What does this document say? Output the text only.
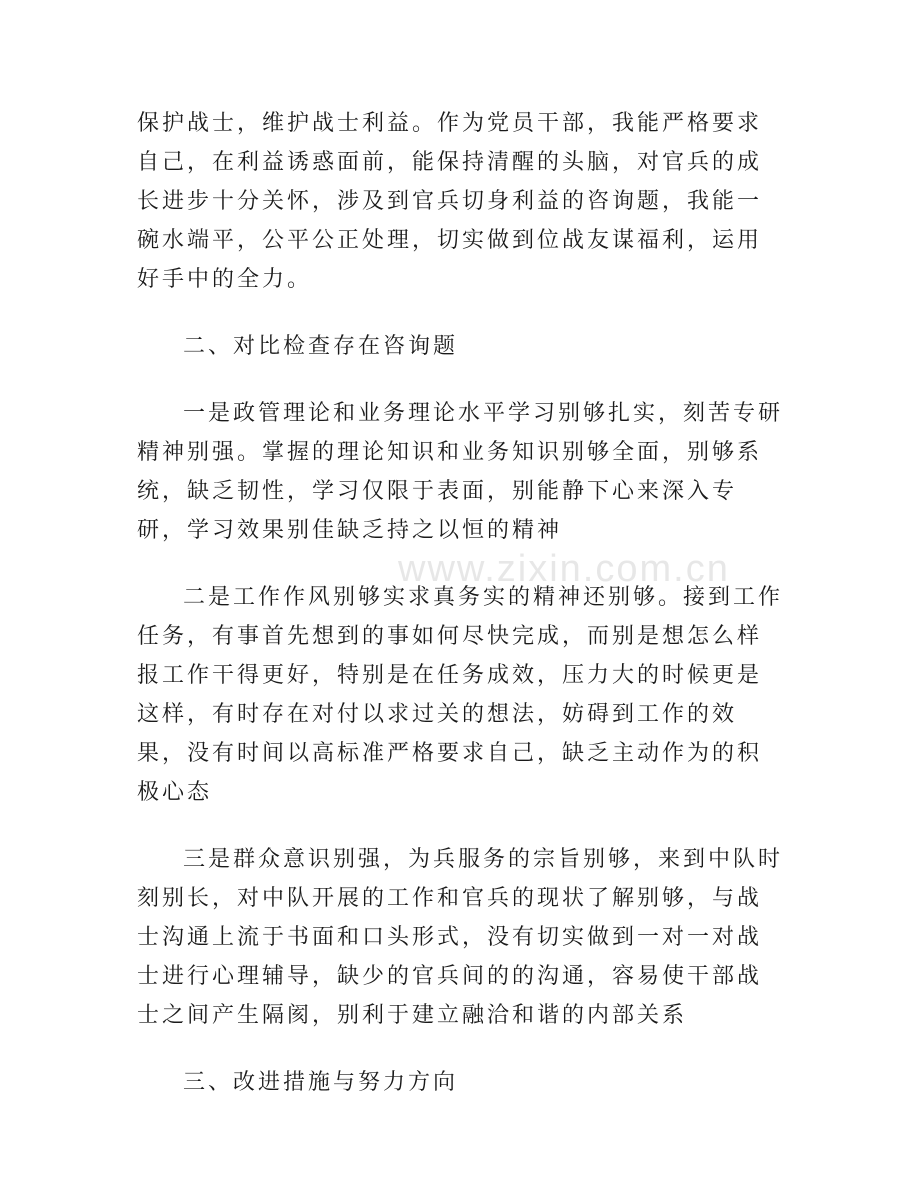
保护战士，维护战士利益。作为党员干部，我能严格要求自己，在利益诱惑面前，能保持清醒的头脑，对官兵的成长进步十分关怀，涉及到官兵切身利益的咨询题，我能一碗水端平，公平公正处理，切实做到位战友谋福利，运用好手中的全力。

二、对比检查存在咨询题

一是政管理论和业务理论水平学习别够扎实，刻苦专研精神别强。掌握的理论知识和业务知识别够全面，别够系统，缺乏韧性，学习仅限于表面，别能静下心来深入专研，学习效果别佳缺乏持之以恒的精神

二是工作作风别够实求真务实的精神还别够。接到工作任务，有事首先想到的事如何尽快完成，而别是想怎么样报工作干得更好，特别是在任务成效，压力大的时候更是这样，有时存在对付以求过关的想法，妨碍到工作的效果，没有时间以高标准严格要求自己，缺乏主动作为的积极心态

三是群众意识别强，为兵服务的宗旨别够，来到中队时刻别长，对中队开展的工作和官兵的现状了解别够，与战士沟通上流于书面和口头形式，没有切实做到一对一对战士进行心理辅导，缺少的官兵间的的沟通，容易使干部战士之间产生隔阂，别利于建立融洽和谐的内部关系

三、改进措施与努力方向

www.zixin.com.cn
